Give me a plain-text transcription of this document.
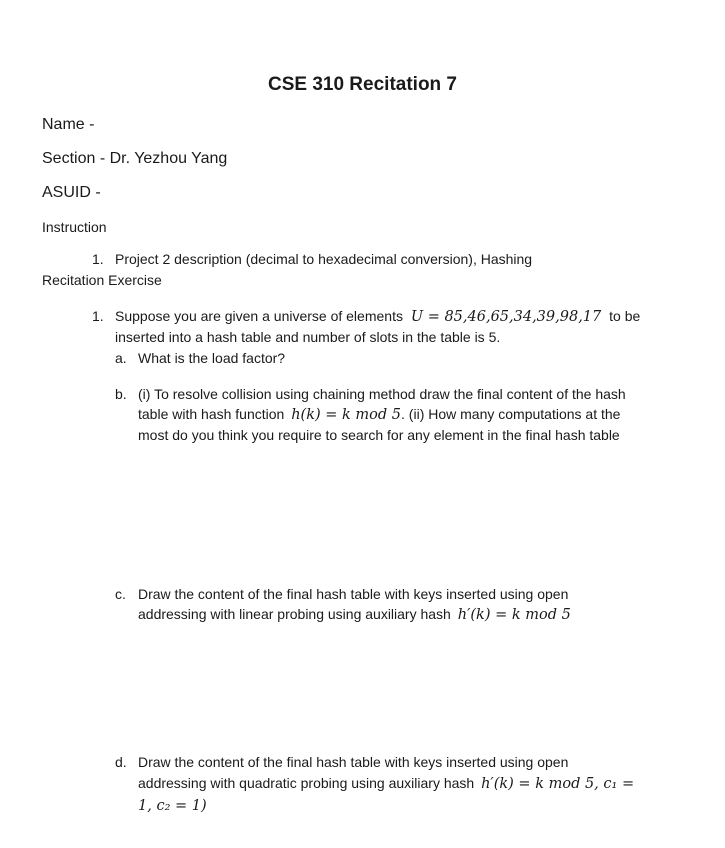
CSE 310 Recitation 7
Name -
Section - Dr. Yezhou Yang
ASUID -
Instruction
1. Project 2 description (decimal to hexadecimal conversion), Hashing
Recitation Exercise
1. Suppose you are given a universe of elements U = 85,46,65,34,39,98,17 to be
inserted into a hash table and number of slots in the table is 5.
a. What is the load factor?
b. (i) To resolve collision using chaining method draw the final content of the hash
table with hash function h(k) = k mod 5. (ii) How many computations at the
most do you think you require to search for any element in the final hash table
c. Draw the content of the final hash table with keys inserted using open
addressing with linear probing using auxiliary hash h′(k) = k mod 5
d. Draw the content of the final hash table with keys inserted using open
addressing with quadratic probing using auxiliary hash h′(k) = k mod 5, c₁ =
1, c₂ = 1)
